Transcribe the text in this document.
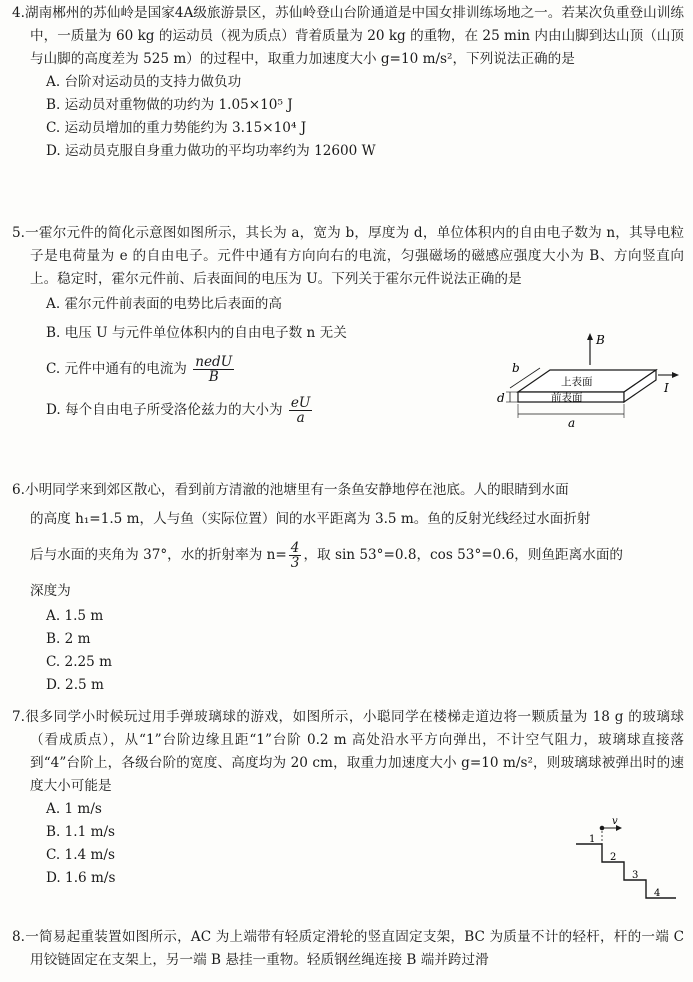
4.湖南郴州的苏仙岭是国家4A级旅游景区，苏仙岭登山台阶通道是中国女排训练场地之一。若某次负重登山训练中，一质量为 60 kg 的运动员（视为质点）背着质量为 20 kg 的重物，在 25 min 内由山脚到达山顶（山顶与山脚的高度差为 525 m）的过程中，取重力加速度大小 g=10 m/s²，下列说法正确的是

A. 台阶对运动员的支持力做负功
B. 运动员对重物做的功约为 1.05×10⁵ J
C. 运动员增加的重力势能约为 3.15×10⁴ J
D. 运动员克服自身重力做功的平均功率约为 12600 W

5.一霍尔元件的简化示意图如图所示，其长为 a，宽为 b，厚度为 d，单位体积内的自由电子数为 n，其导电粒子是电荷量为 e 的自由电子。元件中通有方向向右的电流，匀强磁场的磁感应强度大小为 B、方向竖直向上。稳定时，霍尔元件前、后表面间的电压为 U。下列关于霍尔元件说法正确的是

A. 霍尔元件前表面的电势比后表面的高
B. 电压 U 与元件单位体积内的自由电子数 n 无关
C. 元件中通有的电流为 $\frac{\text{nedU}}{B}$
D. 每个自由电子所受洛伦兹力的大小为 $\frac{eU}{a}$
B
上表面
前表面
b
I
d
a

6.小明同学来到郊区散心，看到前方清澈的池塘里有一条鱼安静地停在池底。人的眼睛到水面

的高度 h₁=1.5 m，人与鱼（实际位置）间的水平距离为 3.5 m。鱼的反射光线经过水面折射
后与水面的夹角为 37°，水的折射率为 $n= \frac{4}{3}$ ，取 sin 53°=0.8，cos 53°=0.6，则鱼距离水面的
深度为
A. 1.5 m
B. 2 m
C. 2.25 m
D. 2.5 m

7.很多同学小时候玩过用手弹玻璃球的游戏，如图所示，小聪同学在楼梯走道边将一颗质量为 18 g 的玻璃球（看成质点），从“1”台阶边缘且距“1”台阶 0.2 m 高处沿水平方向弹出，不计空气阻力，玻璃球直接落到“4”台阶上，各级台阶的宽度、高度均为 20 cm，取重力加速度大小 g=10 m/s²，则玻璃球被弹出时的速度大小可能是

A. 1 m/s
B. 1.1 m/s
C. 1.4 m/s
D. 1.6 m/s
v
1
2
3
4

8.一简易起重装置如图所示，AC 为上端带有轻质定滑轮的竖直固定支架，BC 为质量不计的轻杆，杆的一端 C 用铰链固定在支架上，另一端 B 悬挂一重物。轻质钢丝绳连接 B 端并跨过滑
